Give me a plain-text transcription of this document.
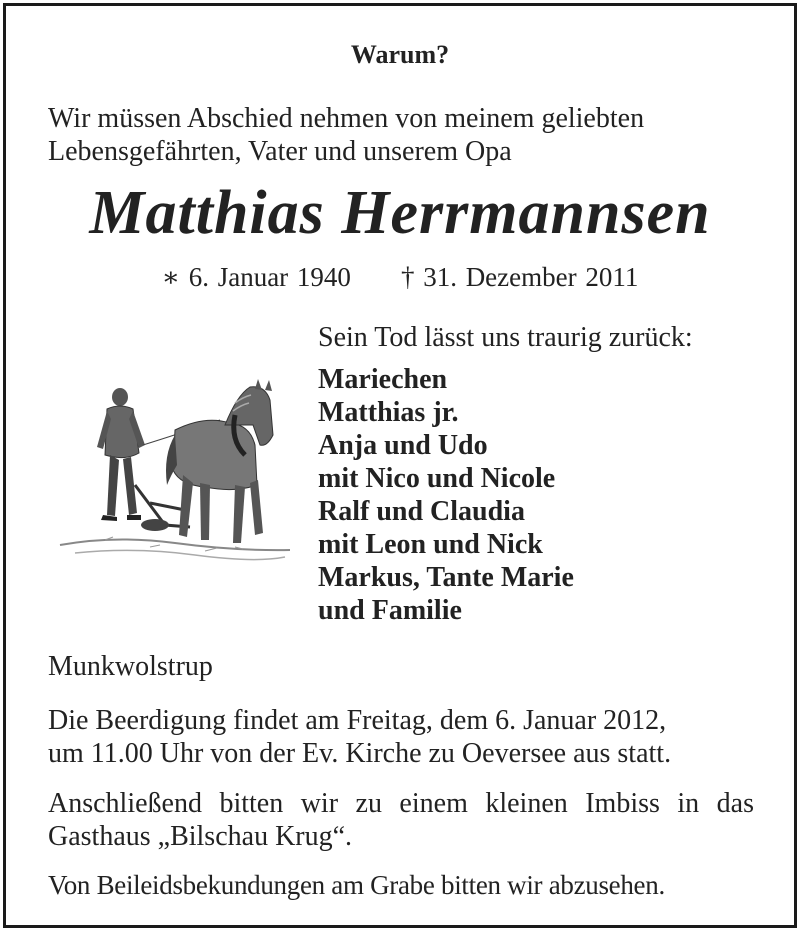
Warum?
Wir müssen Abschied nehmen von meinem geliebten
Lebensgefährten, Vater und unserem Opa
Matthias Herrmannsen
∗ 6. Januar 1940 † 31. Dezember 2011
Sein Tod lässt uns traurig zurück:
Mariechen
Matthias jr.
Anja und Udo
mit Nico und Nicole
Ralf und Claudia
mit Leon und Nick
Markus, Tante Marie
und Familie
Munkwolstrup
Die Beerdigung findet am Freitag, dem 6. Januar 2012,
um 11.00 Uhr von der Ev. Kirche zu Oeversee aus statt.
Anschließend bitten wir zu einem kleinen Imbiss in das Gasthaus „Bilschau Krug“.
Von Beileidsbekundungen am Grabe bitten wir abzusehen.
